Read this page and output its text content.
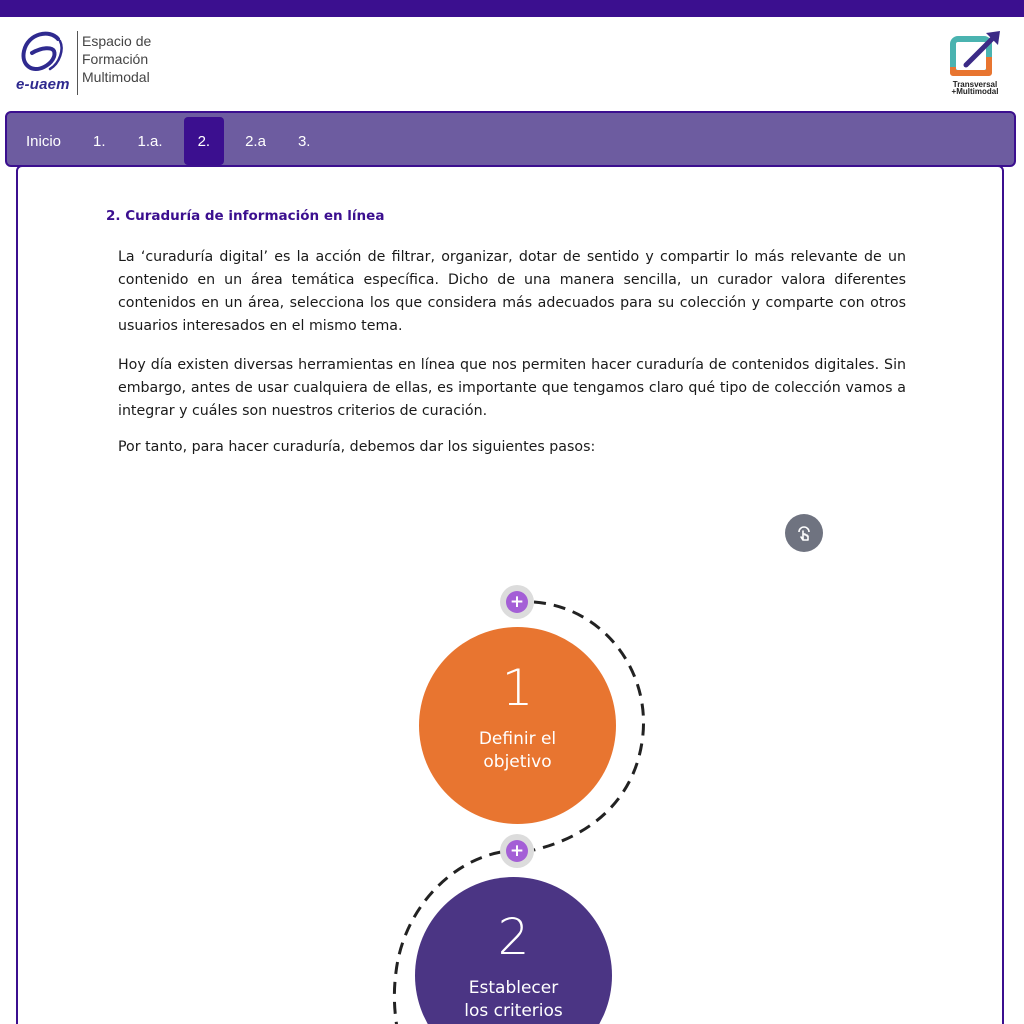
e-uaem
Espacio de
Formación
Multimodal	Transversal
+Multimodal
Inicio	1.	1.a.	2.	2.a	3.
2. Curaduría de información en línea

La ‘curaduría digital’ es la acción de filtrar, organizar, dotar de sentido y compartir lo más relevante de un contenido en un área temática específica. Dicho de una manera sencilla, un curador valora diferentes contenidos en un área, selecciona los que considera más adecuados para su colección y comparte con otros usuarios interesados en el mismo tema.

Hoy día existen diversas herramientas en línea que nos permiten hacer curaduría de contenidos digitales. Sin embargo, antes de usar cualquiera de ellas, es importante que tengamos claro qué tipo de colección vamos a integrar y cuáles son nuestros criterios de curación.

Por tanto, para hacer curaduría, debemos dar los siguientes pasos:

1
Definir el
objetivo
2
Establecer
los criterios
+
+
